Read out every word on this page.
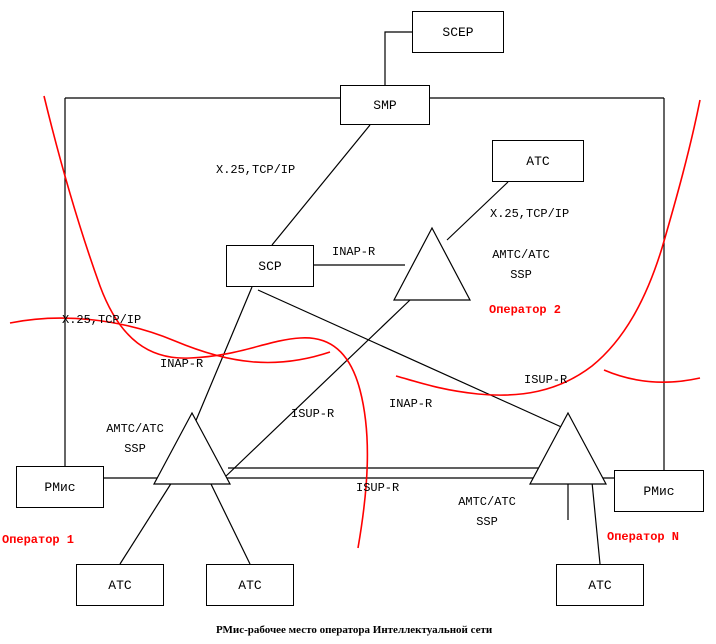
SCEP
SMP
АТС
SCP
РМис	РМис
АТС	АТС	АТС
АМТС/АТС
SSP
АМТС/АТС
SSP
АМТС/АТС
SSP
X.25,TCP/IP
X.25,TCP/IP
X.25,TCP/IP
INAP-R
INAP-R
INAP-R
ISUP-R
ISUP-R
ISUP-R
Оператор 2
Оператор 1	Оператор N
РМис-рабочее место оператора Интеллектуальной сети
